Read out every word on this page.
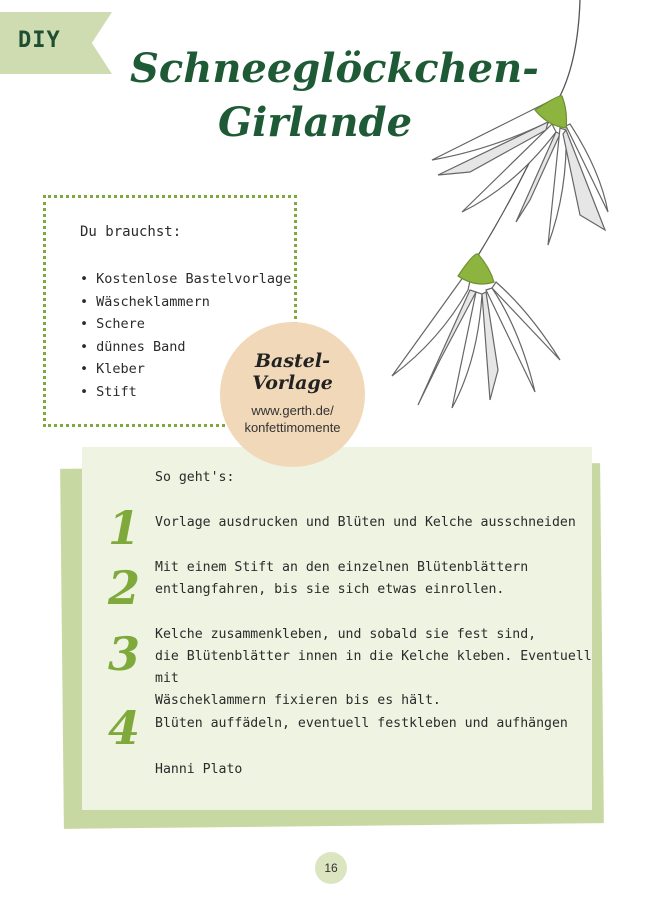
DIY
Schneeglöckchen-
Girlande
Du brauchst:
• Kostenlose Bastelvorlage
• Wäscheklammern
• Schere
• dünnes Band
• Kleber
• Stift
So geht's:
1 Vorlage ausdrucken und Blüten und Kelche ausschneiden
2 Mit einem Stift an den einzelnen Blütenblättern
entlangfahren, bis sie sich etwas einrollen.
3 Kelche zusammenkleben, und sobald sie fest sind,
die Blütenblätter innen in die Kelche kleben. Eventuell mit
Wäscheklammern fixieren bis es hält.
4 Blüten auffädeln, eventuell festkleben und aufhängen
Hanni Plato
Bastel-
Vorlage
www.gerth.de/
konfettimomente
16
